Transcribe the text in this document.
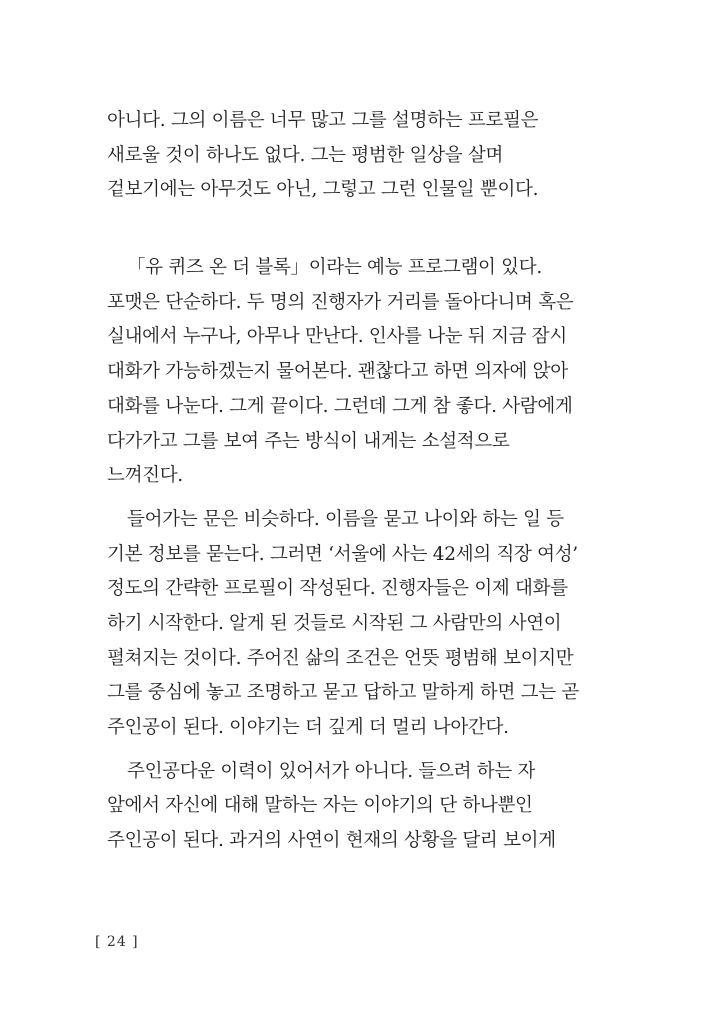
아니다. 그의 이름은 너무 많고 그를 설명하는 프로필은
새로울 것이 하나도 없다. 그는 평범한 일상을 살며
겉보기에는 아무것도 아닌, 그렇고 그런 인물일 뿐이다.
「유 퀴즈 온 더 블록」이라는 예능 프로그램이 있다.
포맷은 단순하다. 두 명의 진행자가 거리를 돌아다니며 혹은
실내에서 누구나, 아무나 만난다. 인사를 나눈 뒤 지금 잠시
대화가 가능하겠는지 물어본다. 괜찮다고 하면 의자에 앉아
대화를 나눈다. 그게 끝이다. 그런데 그게 참 좋다. 사람에게
다가가고 그를 보여 주는 방식이 내게는 소설적으로
느껴진다.
들어가는 문은 비슷하다. 이름을 묻고 나이와 하는 일 등
기본 정보를 묻는다. 그러면 ‘서울에 사는 42세의 직장 여성’
정도의 간략한 프로필이 작성된다. 진행자들은 이제 대화를
하기 시작한다. 알게 된 것들로 시작된 그 사람만의 사연이
펼쳐지는 것이다. 주어진 삶의 조건은 언뜻 평범해 보이지만
그를 중심에 놓고 조명하고 묻고 답하고 말하게 하면 그는 곧
주인공이 된다. 이야기는 더 깊게 더 멀리 나아간다.
주인공다운 이력이 있어서가 아니다. 들으려 하는 자
앞에서 자신에 대해 말하는 자는 이야기의 단 하나뿐인
주인공이 된다. 과거의 사연이 현재의 상황을 달리 보이게
[ 24 ]
